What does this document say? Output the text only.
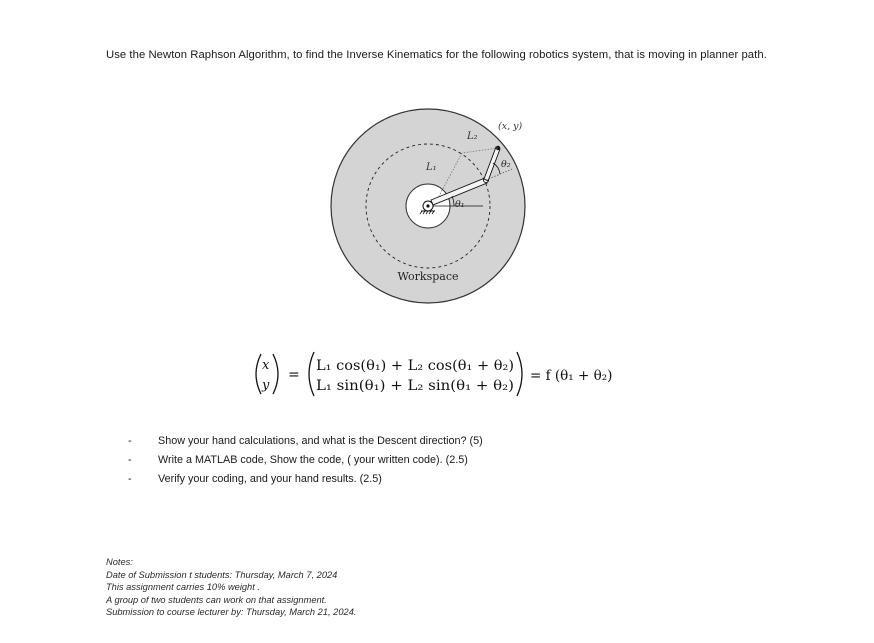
Use the Newton Raphson Algorithm, to find the Inverse Kinematics for the following robotics system, that is moving in planner path.

(x, y)
L₂
L₁
θ₁
θ₂
Workspace
x
y
=
L₁ cos(θ₁) + L₂ cos(θ₁ + θ₂)
L₁ sin(θ₁) + L₂ sin(θ₁ + θ₂)
= f (θ₁ + θ₂)
- Show your hand calculations, and what is the Descent direction? (5)
- Write a MATLAB code, Show the code, ( your written code). (2.5)
- Verify your coding, and your hand results. (2.5)
Notes:
Date of Submission t students: Thursday, March 7, 2024
This assignment carries 10% weight .
A group of two students can work on that assignment.
Submission to course lecturer by: Thursday, March 21, 2024.
